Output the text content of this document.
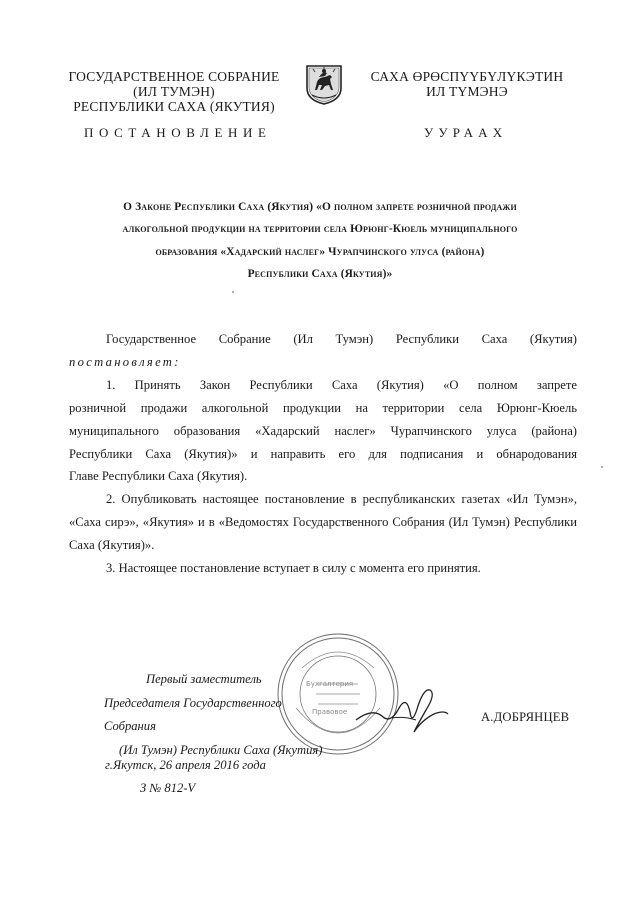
ГОСУДАРСТВЕННОЕ СОБРАНИЕ
(ИЛ ТУМЭН)
РЕСПУБЛИКИ САХА (ЯКУТИЯ)
САХА ӨРӨСПҮҮБҮЛҮКЭТИН
ИЛ ТҮМЭНЭ
ПОСТАНОВЛЕНИЕ	УУРААХ
О Законе Республики Саха (Якутия) «О полном запрете розничной продажи
алкогольной продукции на территории села Юрюнг-Кюель муниципального
образования «Хадарский наслег» Чурапчинского улуса (района)
Республики Саха (Якутия)»

Государственное Собрание (Ил Тумэн) Республики Саха (Якутия)

постановляет:

1. Принять Закон Республики Саха (Якутия) «О полном запрете

розничной продажи алкогольной продукции на территории села Юрюнг-Кюель

муниципального образования «Хадарский наслег» Чурапчинского улуса (района)

Республики Саха (Якутия)» и направить его для подписания и обнародования

Главе Республики Саха (Якутия).

2. Опубликовать настоящее постановление в республиканских газетах «Ил Тумэн», «Саха сирэ», «Якутия» и в «Ведомостях Государственного Собрания (Ил Тумэн) Республики Саха (Якутия)».

3. Настоящее постановление вступает в силу с момента его принятия.

Бухгалтерия
Правовое
Первый заместитель
Председателя Государственного Собрания
(Ил Тумэн) Республики Саха (Якутия)
А.ДОБРЯНЦЕВ
г.Якутск, 26 апреля 2016 года
З № 812-V
